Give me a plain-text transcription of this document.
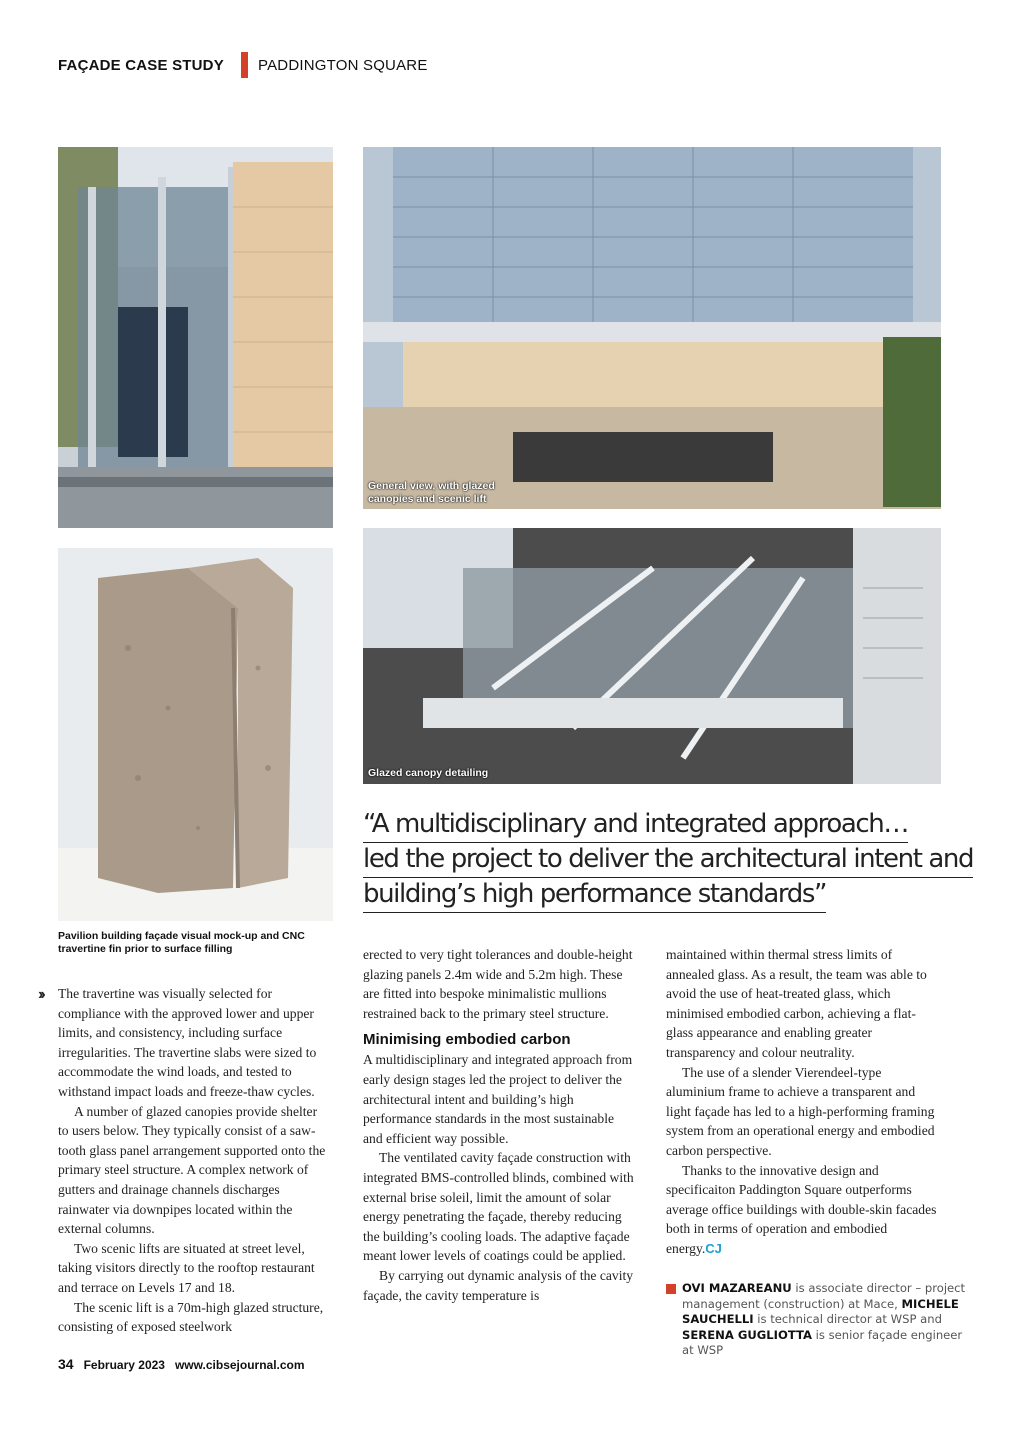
FAÇADE CASE STUDY PADDINGTON SQUARE
General view, with glazed
canopies and scenic lift
Glazed canopy detailing
Pavilion building façade visual mock-up and CNC travertine fin prior to surface filling
“A multidisciplinary and integrated approach…
led the project to deliver the architectural intent and
building’s high performance standards”
›› The travertine was visually selected for compliance with the approved lower and upper limits, and consistency, including surface irregularities. The travertine slabs were sized to accommodate the wind loads, and tested to withstand impact loads and freeze-thaw cycles.

A number of glazed canopies provide shelter to users below. They typically consist of a saw-tooth glass panel arrangement supported onto the primary steel structure. A complex network of gutters and drainage channels discharges rainwater via downpipes located within the external columns.

Two scenic lifts are situated at street level, taking visitors directly to the rooftop restaurant and terrace on Levels 17 and 18.

The scenic lift is a 70m-high glazed structure, consisting of exposed steelwork

erected to very tight tolerances and double-height glazing panels 2.4m wide and 5.2m high. These are fitted into bespoke minimalistic mullions restrained back to the primary steel structure.

Minimising embodied carbon

A multidisciplinary and integrated approach from early design stages led the project to deliver the architectural intent and building’s high performance standards in the most sustainable and efficient way possible.

The ventilated cavity façade construction with integrated BMS-controlled blinds, combined with external brise soleil, limit the amount of solar energy penetrating the façade, thereby reducing the building’s cooling loads. The adaptive façade meant lower levels of coatings could be applied.

By carrying out dynamic analysis of the cavity façade, the cavity temperature is

maintained within thermal stress limits of annealed glass. As a result, the team was able to avoid the use of heat-treated glass, which minimised embodied carbon, achieving a flat-glass appearance and enabling greater transparency and colour neutrality.

The use of a slender Vierendeel-type aluminium frame to achieve a transparent and light façade has led to a high-performing framing system from an operational energy and embodied carbon perspective.

Thanks to the innovative design and specificaiton Paddington Square outperforms average office buildings with double-skin facades both in terms of operation and embodied energy.CJ

OVI MAZAREANU is associate director – project management (construction) at Mace, MICHELE SAUCHELLI is technical director at WSP and SERENA GUGLIOTTA is senior façade engineer at WSP
34 February 2023 www.cibsejournal.com
